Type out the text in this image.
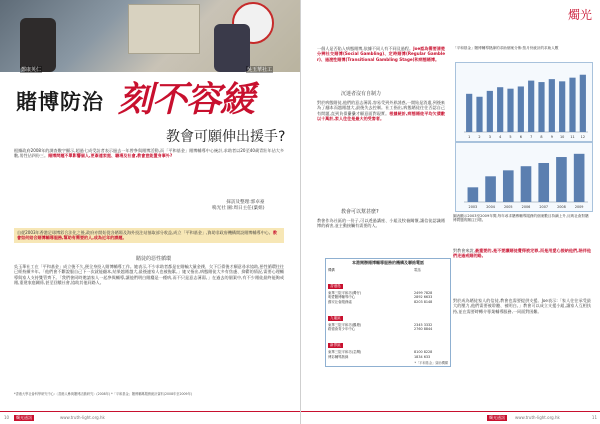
鄭康英仁	吳玉華社工
賭博防治 刻不容緩
教會可願伸出援手?
根據政府2008年的調查數字顯示,超過七成受訪者表示過去一年曾參與賭博活動,而「平和基金」賭博輔導中心統計,求助者以20至40歲青壯年佔大多數,男性佔四份三。賭博問題不單影響個人,更牽連家庭、職場及社會,教會豈能置身事外?
採訪及整理:郭卓豪
嗚光社 圖:周日主任(葉姐)
自從2003年香港足球博彩合法化之後,政府亦開始從各賭場及海外投注站抽取部分收益,成立「平和基金」,資助非政府機構開設賭博輔導中心。教會如何結合賭博輔導服務,幫助有需要的人,成為近年的課題。
賭徒的惡性循環
吳玉華社工在「平和基金」成立後不久,便全身投入賭博輔導工作。她表示,不少求助者都是在賭輸大量金錢、欠下巨債後才願意尋求協助,惡性循環往往已經持續多年。「他們會不斷說服自己下一次就能翻本,結果越賭越大,最後連家人也被拖累。」她又指出,病態賭徒大多有焦慮、抑鬱的情況,需要心理輔導與家人支持雙管齊下。「我們會同時邀請家人一起參與輔導,讓他們明白賭癮是一種病,而不只是意志薄弱。」在過去的個案中,有不少賭徒最終能夠戒賭,重建家庭關係,甚至回饋社會,協助其他同路人。
*香港大學社會科學研究中心:〈香港人參與賭博活動研究〉(2008年) *「平和基金」賭博輔導服務統計資料(2008年至2009年)
10	燭光通訊	www.truth-light.org.hk
燭光
一個人是否陷入病態賭博,依據不同人有不同及過程。Joe認為需要清楚分辨社交賭博(Social Gambling)、定時賭博(Regular Gambler)、過渡性賭博(Transitional Gambling Stage)和病態賭博。
沉迷者沒有自制力
對於病態賭徒,他們的意志薄弱,容易受到外界誘惑,一開始是消遣,到後來為了翻本而越賭越大,最後失去控制。社工指出,病態賭徒往往否認自己有問題,直到負債纍纍才願意面對現實。根據統計,病態賭徒平均欠債數以十萬計,家人往往是最大的受害者。
教會可以幫甚麼?
教會作為社區的一份子,可以透過講座、小組及牧養關懷,讓信徒認識賭博的禍害,並主動接觸有需要的人。
「平和基金」賭博輔導熱線的求助個案分佈:按月份統計的求助人數
1 2 3 4 5 6 7 8 9 10 11 12
2003	2004	2005	2006	2007	2008	2009
圖表顯示2003至2009年間,每年尋求賭博輔導服務的個案數目持續上升,反映社會對賭博問題的關注日增。
本港開辦賭博輔導服務的機構及聯絡電話
機構	電話
香港島
東華三院平和坊(灣仔)	2499 7828
明愛賭博輔導中心	2892 6633
錫安社會服務處	8203 8148
九龍區
東華三院平和坊(觀塘)	2345 3332
路德會青少年中心	2760 8844
新界區
東華三院平和坊(荃灣)	8100 8228
博彩輔導熱線	1834 633
*「平和基金」資助機構
對教會來說,最重要的,是不要讓賭徒覺得被定罪,而是用愛心接納他們,陪伴他們走過戒賭的路。
對於成為賭徒家人的信徒,教會也需要提供支援。Joe表示:「家人往往承受最大的壓力,他們需要被聆聽、被明白。」教會可以成立支援小組,讓家人互相扶持,並在需要時轉介專業輔導服務,一同面對困難。
燭光通訊	www.truth-light.org.hk	11
